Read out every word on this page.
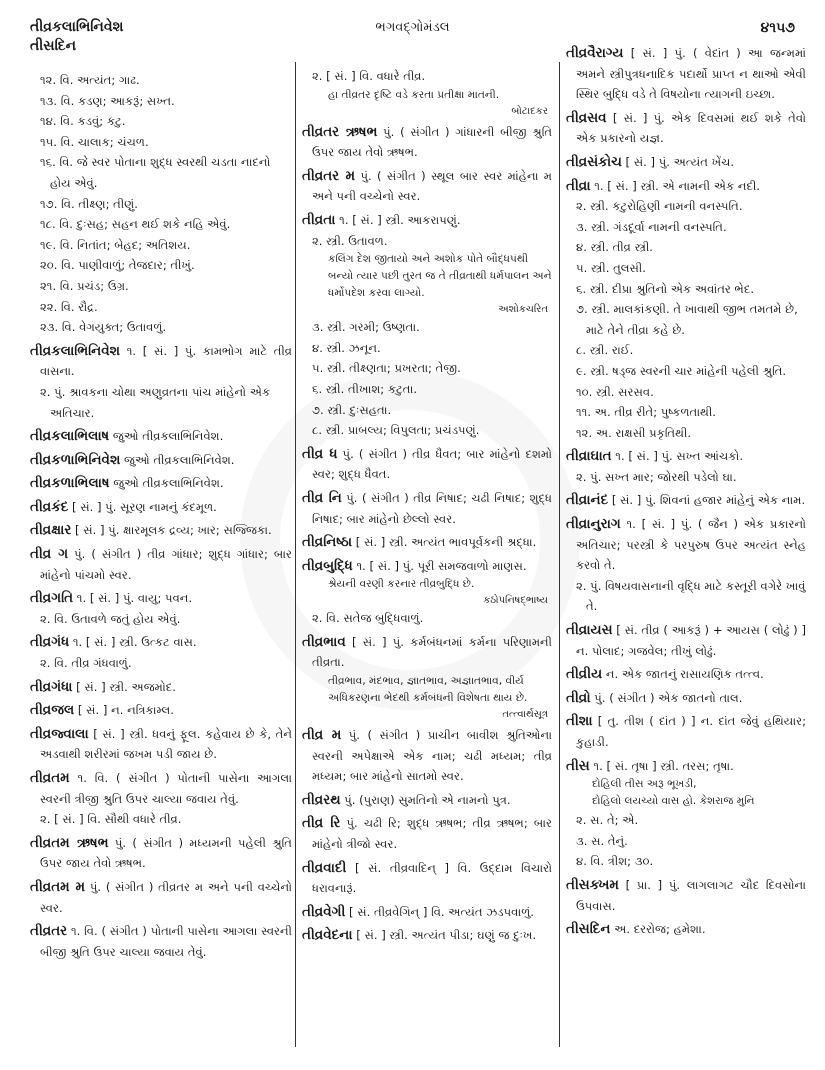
તીવ્રકલાભિનિવેશ
તીસદિન
ભગવદ્ગોમંડલ	૪૧૫૭
૧૨. વિ. અત્યંત; ગાઢ.
૧૩. વિ. કડણ; આકરૂં; સખ્ત.
૧૪. વિ. કડવું; કટુ.
૧૫. વિ. ચાલાક; ચંચળ.
૧૬. વિ. જે સ્વર પોતાના શુદ્ધ સ્વરથી ચડતા નાદનો હોય એવું.
૧૭. વિ. તીક્ષ્ણ; તીણું.
૧૮. વિ. દુઃસહ; સહન થઈ શકે નહિ એવું.
૧૯. વિ. નિતાંત; બેહદ; અતિશય.
૨૦. વિ. પાણીવાળું; તેજદાર; તીખું.
૨૧. વિ. પ્રચંડ; ઉગ્ર.
૨૨. વિ. રૌદ્ર.
૨૩. વિ. વેગયુક્ત; ઉતાવળું.
તીવ્રકલાભિનિવેશ ૧. [ સં. ] પું. કામભોગ માટે તીવ્ર વાસના.
૨. પું. શ્રાવકના ચોથા અણુવ્રતના પાંચ માંહેનો એક અતિચાર.
તીવ્રકલાભિલાષ જુઓ તીવ્રકલાભિનિવેશ.
તીવ્રકળાભિનિવેશ જુઓ તીવ્રકલાભિનિવેશ.
તીવ્રકળાભિલાષ જુઓ તીવ્રકલાભિનિવેશ.
તીવ્રકંદ [ સં. ] પું. સૂરણ નામનું કંદમૂળ.
તીવ્રક્ષાર [ સં. ] પું. ક્ષારમૂલક દ્રવ્ય; ખાર; સજ્જિકા.
તીવ્ર ગ પું. ( સંગીત ) તીવ્ર ગાંધાર; શુદ્ધ ગાંધાર; બાર માંહેનો પાંચમો સ્વર.
તીવ્રગતિ ૧. [ સં. ] પું. વાયુ; પવન.
૨. વિ. ઉતાવળે જતું હોય એવું.
તીવ્રગંધ ૧. [ સં. ] સ્ત્રી. ઉત્કટ વાસ.
૨. વિ. તીવ્ર ગંધવાળું.
તીવ્રગંધા [ સં. ] સ્ત્રી. અજમોદ.
તીવ્રજલ [ સં. ] ન. નત્રિકામ્લ.
તીવ્રજ્વાલા [ સં. ] સ્ત્રી. ધવનું ફૂલ. કહેવાય છે કે, તેને અડવાથી શરીરમાં જખમ પડી જાય છે.
તીવ્રતમ ૧. વિ. ( સંગીત ) પોતાની પાસેના આગલા સ્વરની ત્રીજી શ્રુતિ ઉપર ચાલ્યા જવાય તેવું.
૨. [ સં. ] વિ. સૌથી વધારે તીવ્ર.
તીવ્રતમ ઋષભ પું. ( સંગીત ) મધ્યમની પહેલી શ્રુતિ ઉપર જાય તેવો ઋષભ.
તીવ્રતમ મ પું. ( સંગીત ) તીવ્રતર મ અને પની વચ્ચેનો સ્વર.
તીવ્રતર ૧. વિ. ( સંગીત ) પોતાની પાસેના આગલા સ્વરની બીજી શ્રુતિ ઉપર ચાલ્યા જવાય તેવું.
૨. [ સં. ] વિ. વધારે તીવ્ર.
હા તીવ્રતર દૃષ્ટિ વડે કરતા પ્રતીક્ષા માતની.
બોટાદકર
તીવ્રતર ઋષભ પું. ( સંગીત ) ગાંધારની બીજી શ્રુતિ ઉપર જાય તેવો ઋષભ.
તીવ્રતર મ પું. ( સંગીત ) સ્થૂલ બાર સ્વર માંહેના મ અને પની વચ્ચેનો સ્વર.
તીવ્રતા ૧. [ સં. ] સ્ત્રી. આકરાપણું.
૨. સ્ત્રી. ઉતાવળ.
કલિંગ દેશ જીતાયો અને અશોક પોતે બૌદ્ધપંથી બન્યો ત્યાર પછી તુરત જ તે તીવ્રતાથી ધર્મપાલન અને ધર્મોપદેશ કરવા લાગ્યો.
અશોકચરિત
૩. સ્ત્રી. ગરમી; ઉષ્ણતા.
૪. સ્ત્રી. ઝનૂન.
૫. સ્ત્રી. તીક્ષ્ણતા; પ્રખરતા; તેજી.
૬. સ્ત્રી. તીખાશ; કટુતા.
૭. સ્ત્રી. દુઃસહતા.
૮. સ્ત્રી. પ્રાબલ્ય; વિપુલતા; પ્રચંડપણું.
તીવ્ર ધ પું. ( સંગીત ) તીવ્ર ધૈવત; બાર માંહેનો દશમો સ્વર; શુદ્ધ ધૈવત.
તીવ્ર નિ પું. ( સંગીત ) તીવ્ર નિષાદ; ચઢી નિષાદ; શુદ્ધ નિષાદ; બાર માંહેનો છેલ્લો સ્વર.
તીવ્રનિષ્ઠા [ સં. ] સ્ત્રી. અત્યંત ભાવપૂર્વકની શ્રદ્ધા.
તીવ્રબુદ્ધિ ૧. [ સં. ] પું. પૂરી સમજવાળો માણસ.
શ્રેયની વરણી કરનાર તીવ્રબુદ્ધિ છે.
કઠોપનિષદ્ભાષ્ય
૨. વિ. સતેજ બુદ્ધિવાળું.
તીવ્રભાવ [ સં. ] પું. કર્મબંધનમાં કર્મના પરિણામની તીવ્રતા.
તીવ્રભાવ, મંદભાવ, જ્ઞાતભાવ, અજ્ઞાતભાવ, વીર્ય અધિકરણના ભેદથી કર્મબંધની વિશેષતા થાય છે.
તત્ત્વાર્થસૂત્ર
તીવ્ર મ પું. ( સંગીત ) પ્રાચીન બાવીશ શ્રુતિઓના સ્વરની અપેક્ષાએ એક નામ; ચઢી મધ્યમ; તીવ્ર મધ્યમ; બાર માંહેનો સાતમો સ્વર.
તીવ્રરથ પું. (પુરાણ) સુમતિનો એ નામનો પુત્ર.
તીવ્ર રિ પું. ચઢી રિ; શુદ્ધ ઋષભ; તીવ્ર ઋષભ; બાર માંહેનો ત્રીજો સ્વર.
તીવ્રવાદી [ સં. તીવ્રવાદિન્ ] વિ. ઉદ્દામ વિચારો ધરાવનારૂં.
તીવ્રવેગી [ સં. તીવ્રવેગિન્ ] વિ. અત્યંત ઝડપવાળું.
તીવ્રવેદના [ સં. ] સ્ત્રી. અત્યંત પીડા; ઘણું જ દુઃખ.
તીવ્રવૈરાગ્ય [ સં. ] પું. ( વેદાંત ) આ જન્મમાં અમને સ્ત્રીપુત્રધનાદિક પદાર્થો પ્રાપ્ત ન થાઓ એવી સ્થિર બુદ્ધિ વડે તે વિષયોના ત્યાગની ઇચ્છા.
તીવ્રસવ [ સં. ] પું. એક દિવસમાં થઈ શકે તેવો એક પ્રકારનો યજ્ઞ.
તીવ્રસંકોચ [ સં. ] પું. અત્યંત ખેંચ.
તીવ્રા ૧. [ સં. ] સ્ત્રી. એ નામની એક નદી.
૨. સ્ત્રી. કટુરોહિણી નામની વનસ્પતિ.
૩. સ્ત્રી. ગંડદૂર્વા નામની વનસ્પતિ.
૪. સ્ત્રી. તીવ્ર સ્ત્રી.
૫. સ્ત્રી. તુલસી.
૬. સ્ત્રી. દીપ્રા શ્રુતિનો એક અવાંતર ભેદ.
૭. સ્ત્રી. માલકાંકણી. તે ખાવાથી જીભ તમતમે છે, માટે તેને તીવ્રા કહે છે.
૮. સ્ત્રી. રાઈ.
૯. સ્ત્રી. ષડ્જ સ્વરની ચાર માંહેની પહેલી શ્રુતિ.
૧૦. સ્ત્રી. સરસવ.
૧૧. અ. તીવ્ર રીતે; પુષ્કળતાથી.
૧૨. અ. રાક્ષસી પ્રકૃતિથી.
તીવ્રાઘાત ૧. [ સં. ] પું. સખ્ત આંચકો.
૨. પું. સખ્ત માર; જોરથી પડેલો ઘા.
તીવ્રાનંદ [ સં. ] પું. શિવનાં હજાર માંહેનું એક નામ.
તીવ્રાનુરાગ ૧. [ સં. ] પું. ( જૈન ) એક પ્રકારનો અતિચાર; પરસ્ત્રી કે પરપુરુષ ઉપર અત્યંત સ્નેહ કરવો તે.
૨. પું. વિષયવાસનાની વૃદ્ધિ માટે કસ્તૂરી વગેરે ખાવું તે.
તીવ્રાયસ [ સં. તીવ્ર ( આકરૂં ) + આયસ ( લોઢું ) ] ન. પોલાદ; ગજવેલ; તીખું લોઢું.
તીવ્રીય ન. એક જાતનું રાસાયણિક તત્ત્વ.
તીવ્રો પું. ( સંગીત ) એક જાતનો તાલ.
તીશા [ તુ. તીશ ( દાંત ) ] ન. દાંત જેવું હથિયાર; કુહાડી.
તીસ ૧. [ સં. તૃષા ] સ્ત્રી. તરસ; તૃષા.
દોહિલી તીસ અરૂ ભૂખડી,
દોહિલો લયચ્યો વાસ હો. કેશરાજ મુનિ
૨. સ. તે; એ.
૩. સ. તેનું.
૪. વિ. ત્રીશ; ૩૦.
તીસક્ખમ [ પ્રા. ] પું. લાગલાગટ ચૌદ દિવસોના ઉપવાસ.
તીસદિન અ. દરરોજ; હમેશા.
